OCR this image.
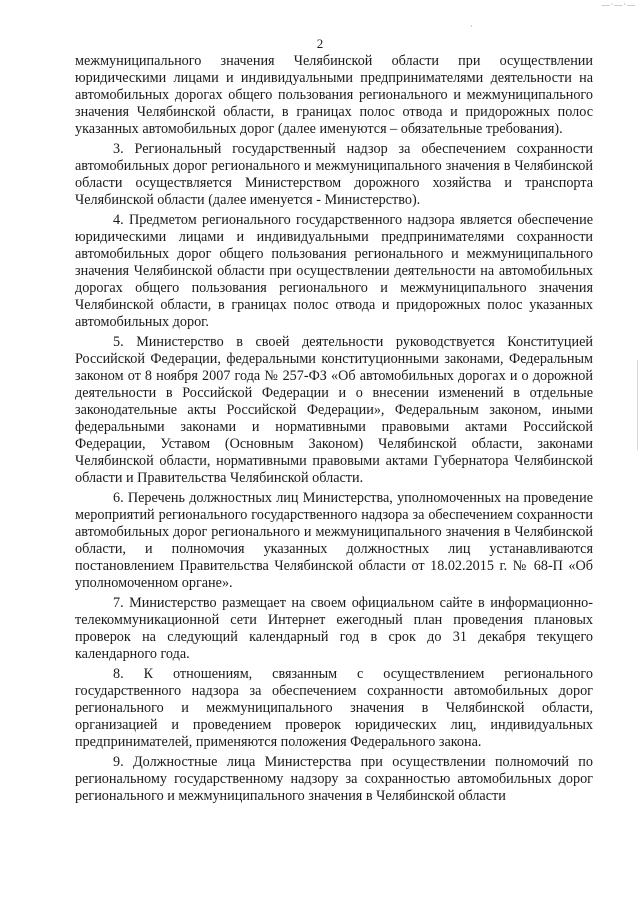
—·—·—
·
2

межмуниципального значения Челябинской области при осуществлении юридическими лицами и индивидуальными предпринимателями деятельности на автомобильных дорогах общего пользования регионального и межмуниципального значения Челябинской области, в границах полос отвода и придорожных полос указанных автомобильных дорог (далее именуются – обязательные требования).

3. Региональный государственный надзор за обеспечением сохранности автомобильных дорог регионального и межмуниципального значения в Челябинской области осуществляется Министерством дорожного хозяйства и транспорта Челябинской области (далее именуется - Министерство).

4. Предметом регионального государственного надзора является обеспечение юридическими лицами и индивидуальными предпринимателями сохранности автомобильных дорог общего пользования регионального и межмуниципального значения Челябинской области при осуществлении деятельности на автомобильных дорогах общего пользования регионального и межмуниципального значения Челябинской области, в границах полос отвода и придорожных полос указанных автомобильных дорог.

5. Министерство в своей деятельности руководствуется Конституцией Российской Федерации, федеральными конституционными законами, Федеральным законом от 8 ноября 2007 года № 257-ФЗ «Об автомобильных дорогах и о дорожной деятельности в Российской Федерации и о внесении изменений в отдельные законодательные акты Российской Федерации», Федеральным законом, иными федеральными законами и нормативными правовыми актами Российской Федерации, Уставом (Основным Законом) Челябинской области, законами Челябинской области, нормативными правовыми актами Губернатора Челябинской области и Правительства Челябинской области.

6. Перечень должностных лиц Министерства, уполномоченных на проведение мероприятий регионального государственного надзора за обеспечением сохранности автомобильных дорог регионального и межмуниципального значения в Челябинской области, и полномочия указанных должностных лиц устанавливаются постановлением Правительства Челябинской области от 18.02.2015 г. № 68-П «Об уполномоченном органе».

7. Министерство размещает на своем официальном сайте в информационно-телекоммуникационной сети Интернет ежегодный план проведения плановых проверок на следующий календарный год в срок до 31 декабря текущего календарного года.

8. К отношениям, связанным с осуществлением регионального государственного надзора за обеспечением сохранности автомобильных дорог регионального и межмуниципального значения в Челябинской области, организацией и проведением проверок юридических лиц, индивидуальных предпринимателей, применяются положения Федерального закона.

9. Должностные лица Министерства при осуществлении полномочий по региональному государственному надзору за сохранностью автомобильных дорог регионального и межмуниципального значения в Челябинской области
